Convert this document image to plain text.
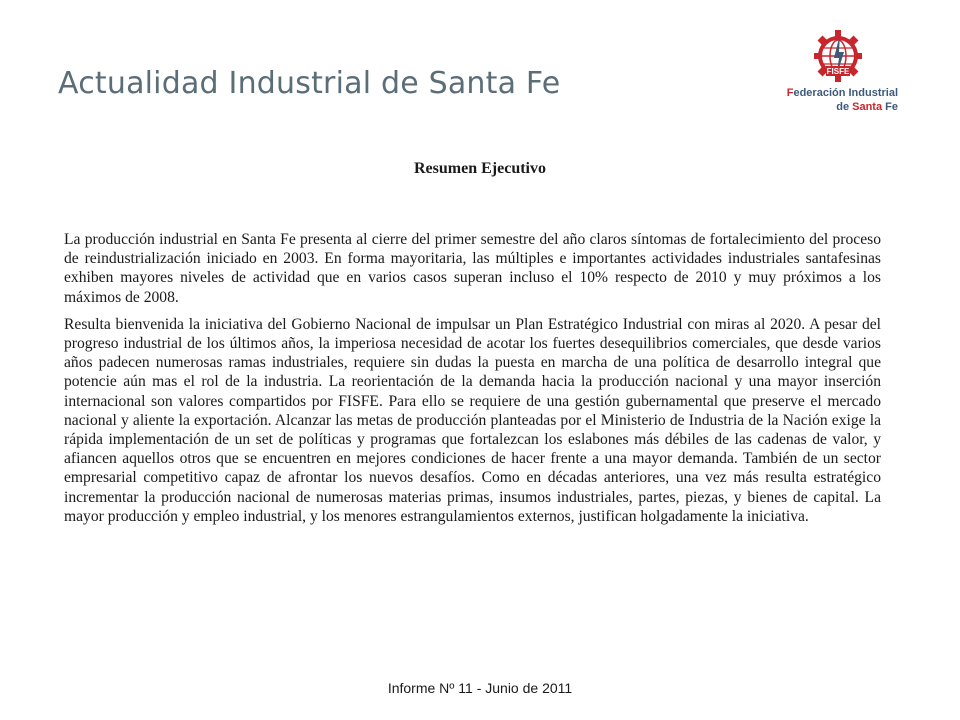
Actualidad Industrial de Santa Fe	FISFE
Federación Industrial
de Santa Fe
Resumen Ejecutivo

La producción industrial en Santa Fe presenta al cierre del primer semestre del año claros síntomas de fortalecimiento del proceso de reindustrialización iniciado en 2003. En forma mayoritaria, las múltiples e importantes actividades industriales santafesinas exhiben mayores niveles de actividad que en varios casos superan incluso el 10% respecto de 2010 y muy próximos a los máximos de 2008.

Resulta bienvenida la iniciativa del Gobierno Nacional de impulsar un Plan Estratégico Industrial con miras al 2020. A pesar del progreso industrial de los últimos años, la imperiosa necesidad de acotar los fuertes desequilibrios comerciales, que desde varios años padecen numerosas ramas industriales, requiere sin dudas la puesta en marcha de una política de desarrollo integral que potencie aún mas el rol de la industria. La reorientación de la demanda hacia la producción nacional y una mayor inserción internacional son valores compartidos por FISFE. Para ello se requiere de una gestión gubernamental que preserve el mercado nacional y aliente la exportación. Alcanzar las metas de producción planteadas por el Ministerio de Industria de la Nación exige la rápida implementación de un set de políticas y programas que fortalezcan los eslabones más débiles de las cadenas de valor, y afiancen aquellos otros que se encuentren en mejores condiciones de hacer frente a una mayor demanda. También de un sector empresarial competitivo capaz de afrontar los nuevos desafíos. Como en décadas anteriores, una vez más resulta estratégico incrementar la producción nacional de numerosas materias primas, insumos industriales, partes, piezas, y bienes de capital. La mayor producción y empleo industrial, y los menores estrangulamientos externos, justifican holgadamente la iniciativa.

Informe Nº 11 - Junio de 2011
